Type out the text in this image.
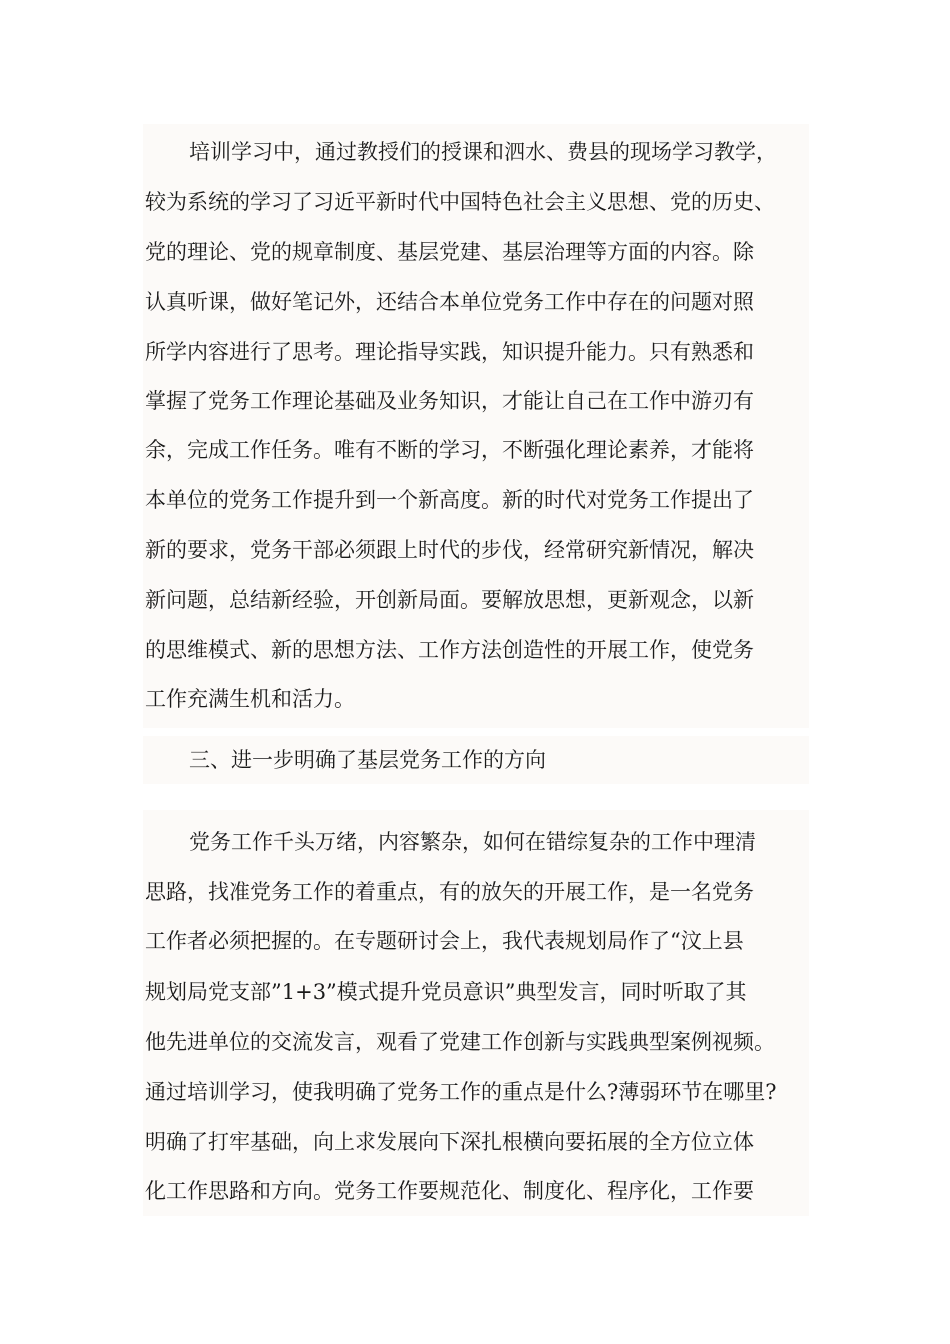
培训学习中，通过教授们的授课和泗水、费县的现场学习教学，
较为系统的学习了习近平新时代中国特色社会主义思想、党的历史、
党的理论、党的规章制度、基层党建、基层治理等方面的内容。除
认真听课，做好笔记外，还结合本单位党务工作中存在的问题对照
所学内容进行了思考。理论指导实践，知识提升能力。只有熟悉和
掌握了党务工作理论基础及业务知识，才能让自己在工作中游刃有
余，完成工作任务。唯有不断的学习，不断强化理论素养，才能将
本单位的党务工作提升到一个新高度。新的时代对党务工作提出了
新的要求，党务干部必须跟上时代的步伐，经常研究新情况，解决
新问题，总结新经验，开创新局面。要解放思想，更新观念，以新
的思维模式、新的思想方法、工作方法创造性的开展工作，使党务
工作充满生机和活力。
三、进一步明确了基层党务工作的方向
党务工作千头万绪，内容繁杂，如何在错综复杂的工作中理清
思路，找准党务工作的着重点，有的放矢的开展工作，是一名党务
工作者必须把握的。在专题研讨会上，我代表规划局作了“汶上县
规划局党支部”1+3”模式提升党员意识”典型发言，同时听取了其
他先进单位的交流发言，观看了党建工作创新与实践典型案例视频。
通过培训学习，使我明确了党务工作的重点是什么?薄弱环节在哪里?
明确了打牢基础，向上求发展向下深扎根横向要拓展的全方位立体
化工作思路和方向。党务工作要规范化、制度化、程序化，工作要
